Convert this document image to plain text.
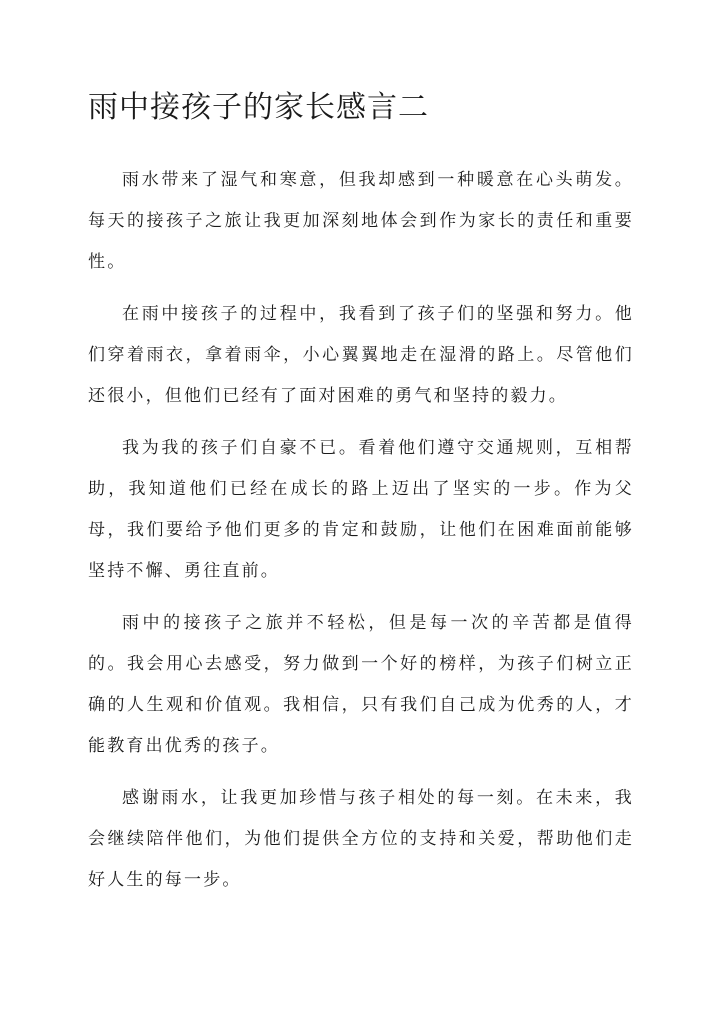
雨中接孩子的家长感言二

雨水带来了湿气和寒意，但我却感到一种暖意在心头萌发。每天的接孩子之旅让我更加深刻地体会到作为家长的责任和重要性。

在雨中接孩子的过程中，我看到了孩子们的坚强和努力。他们穿着雨衣，拿着雨伞，小心翼翼地走在湿滑的路上。尽管他们还很小，但他们已经有了面对困难的勇气和坚持的毅力。

我为我的孩子们自豪不已。看着他们遵守交通规则，互相帮助，我知道他们已经在成长的路上迈出了坚实的一步。作为父母，我们要给予他们更多的肯定和鼓励，让他们在困难面前能够坚持不懈、勇往直前。

雨中的接孩子之旅并不轻松，但是每一次的辛苦都是值得的。我会用心去感受，努力做到一个好的榜样，为孩子们树立正确的人生观和价值观。我相信，只有我们自己成为优秀的人，才能教育出优秀的孩子。

感谢雨水，让我更加珍惜与孩子相处的每一刻。在未来，我会继续陪伴他们，为他们提供全方位的支持和关爱，帮助他们走好人生的每一步。
